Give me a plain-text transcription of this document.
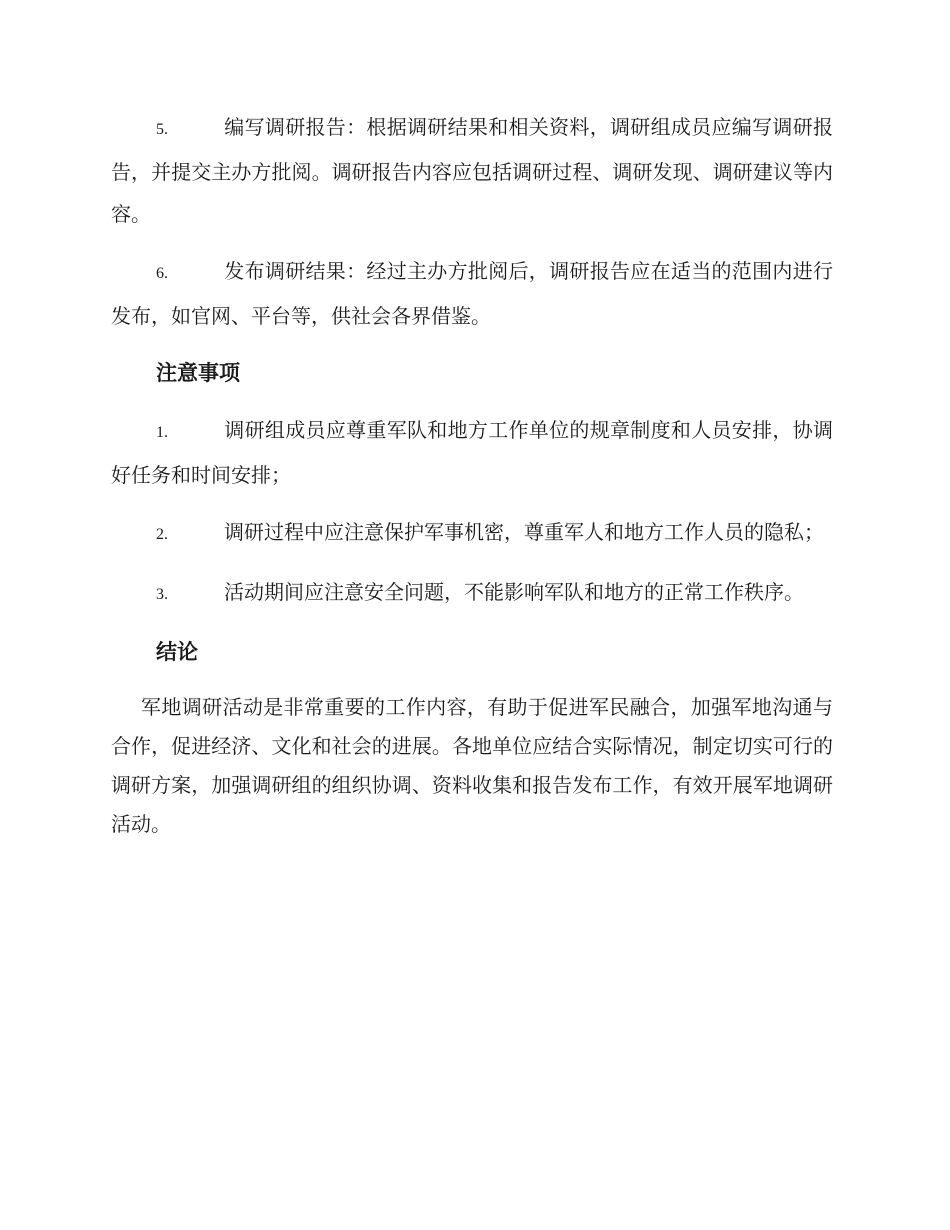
5.	编写调研报告：根据调研结果和相关资料，调研组成员应编写调研报告，并提交主办方批阅。调研报告内容应包括调研过程、调研发现、调研建议等内容。
6.	发布调研结果：经过主办方批阅后，调研报告应在适当的范围内进行发布，如官网、平台等，供社会各界借鉴。
注意事项
1.	调研组成员应尊重军队和地方工作单位的规章制度和人员安排，协调好任务和时间安排；
2.	调研过程中应注意保护军事机密，尊重军人和地方工作人员的隐私；
3.	活动期间应注意安全问题，不能影响军队和地方的正常工作秩序。
结论

军地调研活动是非常重要的工作内容，有助于促进军民融合，加强军地沟通与合作，促进经济、文化和社会的进展。各地单位应结合实际情况，制定切实可行的调研方案，加强调研组的组织协调、资料收集和报告发布工作，有效开展军地调研活动。
